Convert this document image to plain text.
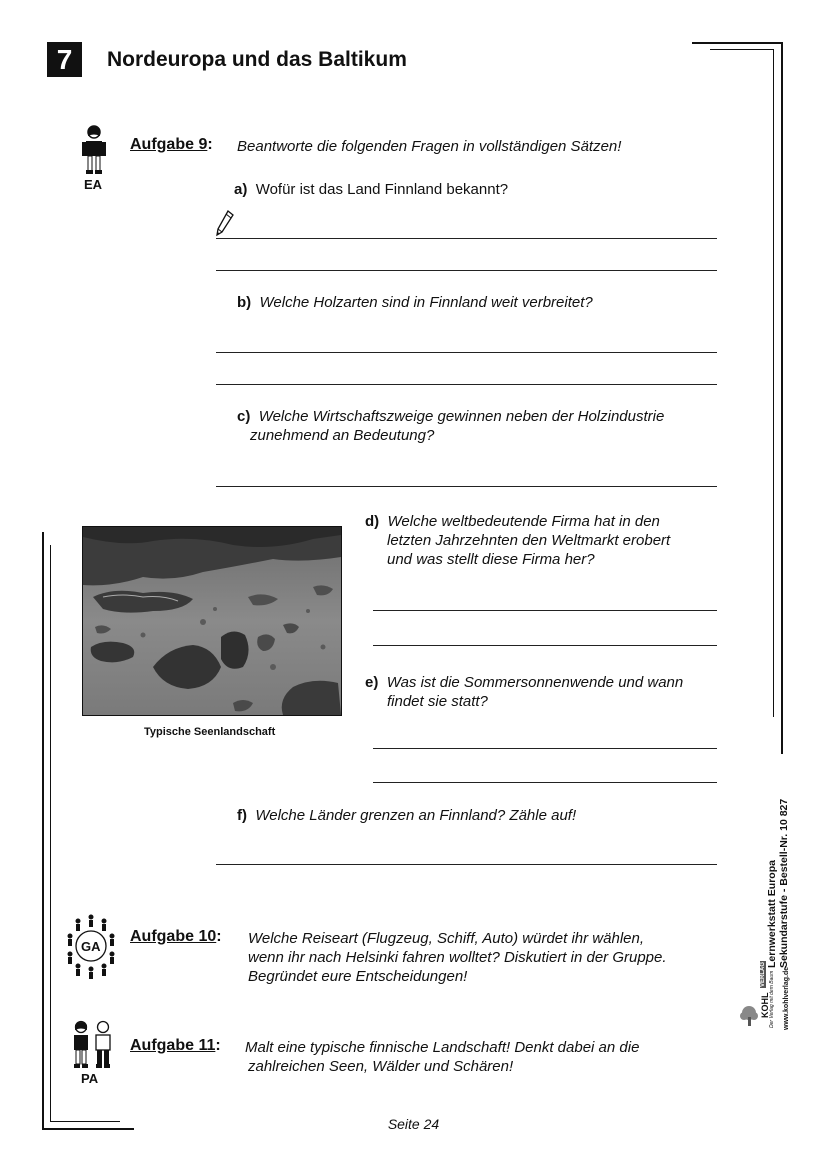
7	Nordeuropa und das Baltikum
EA
Aufgabe 9: Beantworte die folgenden Fragen in vollständigen Sätzen!
a) Wofür ist das Land Finnland bekannt?
b) Welche Holzarten sind in Finnland weit verbreitet?
c) Welche Wirtschaftszweige gewinnen neben der Holzindustrie
zunehmend an Bedeutung?
Typische Seenlandschaft
d) Welche weltbedeutende Firma hat in den
letzten Jahrzehnten den Weltmarkt erobert
und was stellt diese Firma her?
e) Was ist die Sommersonnenwende und wann
findet sie statt?
f) Welche Länder grenzen an Finnland? Zähle auf!
GA
Aufgabe 10: Welche Reiseart (Flugzeug, Schiff, Auto) würdet ihr wählen,
wenn ihr nach Helsinki fahren wolltet? Diskutiert in der Gruppe.
Begründet eure Entscheidungen!
PA
Aufgabe 11: Malt eine typische finnische Landschaft! Denkt dabei an die
zahlreichen Seen, Wälder und Schären!
Lernwerkstatt Europa Sekundarstufe - Bestell-Nr. 10 827
www.kohlverlag.de
KOHL
VERLAG Der Verlag mit dem Baum
Seite 24
